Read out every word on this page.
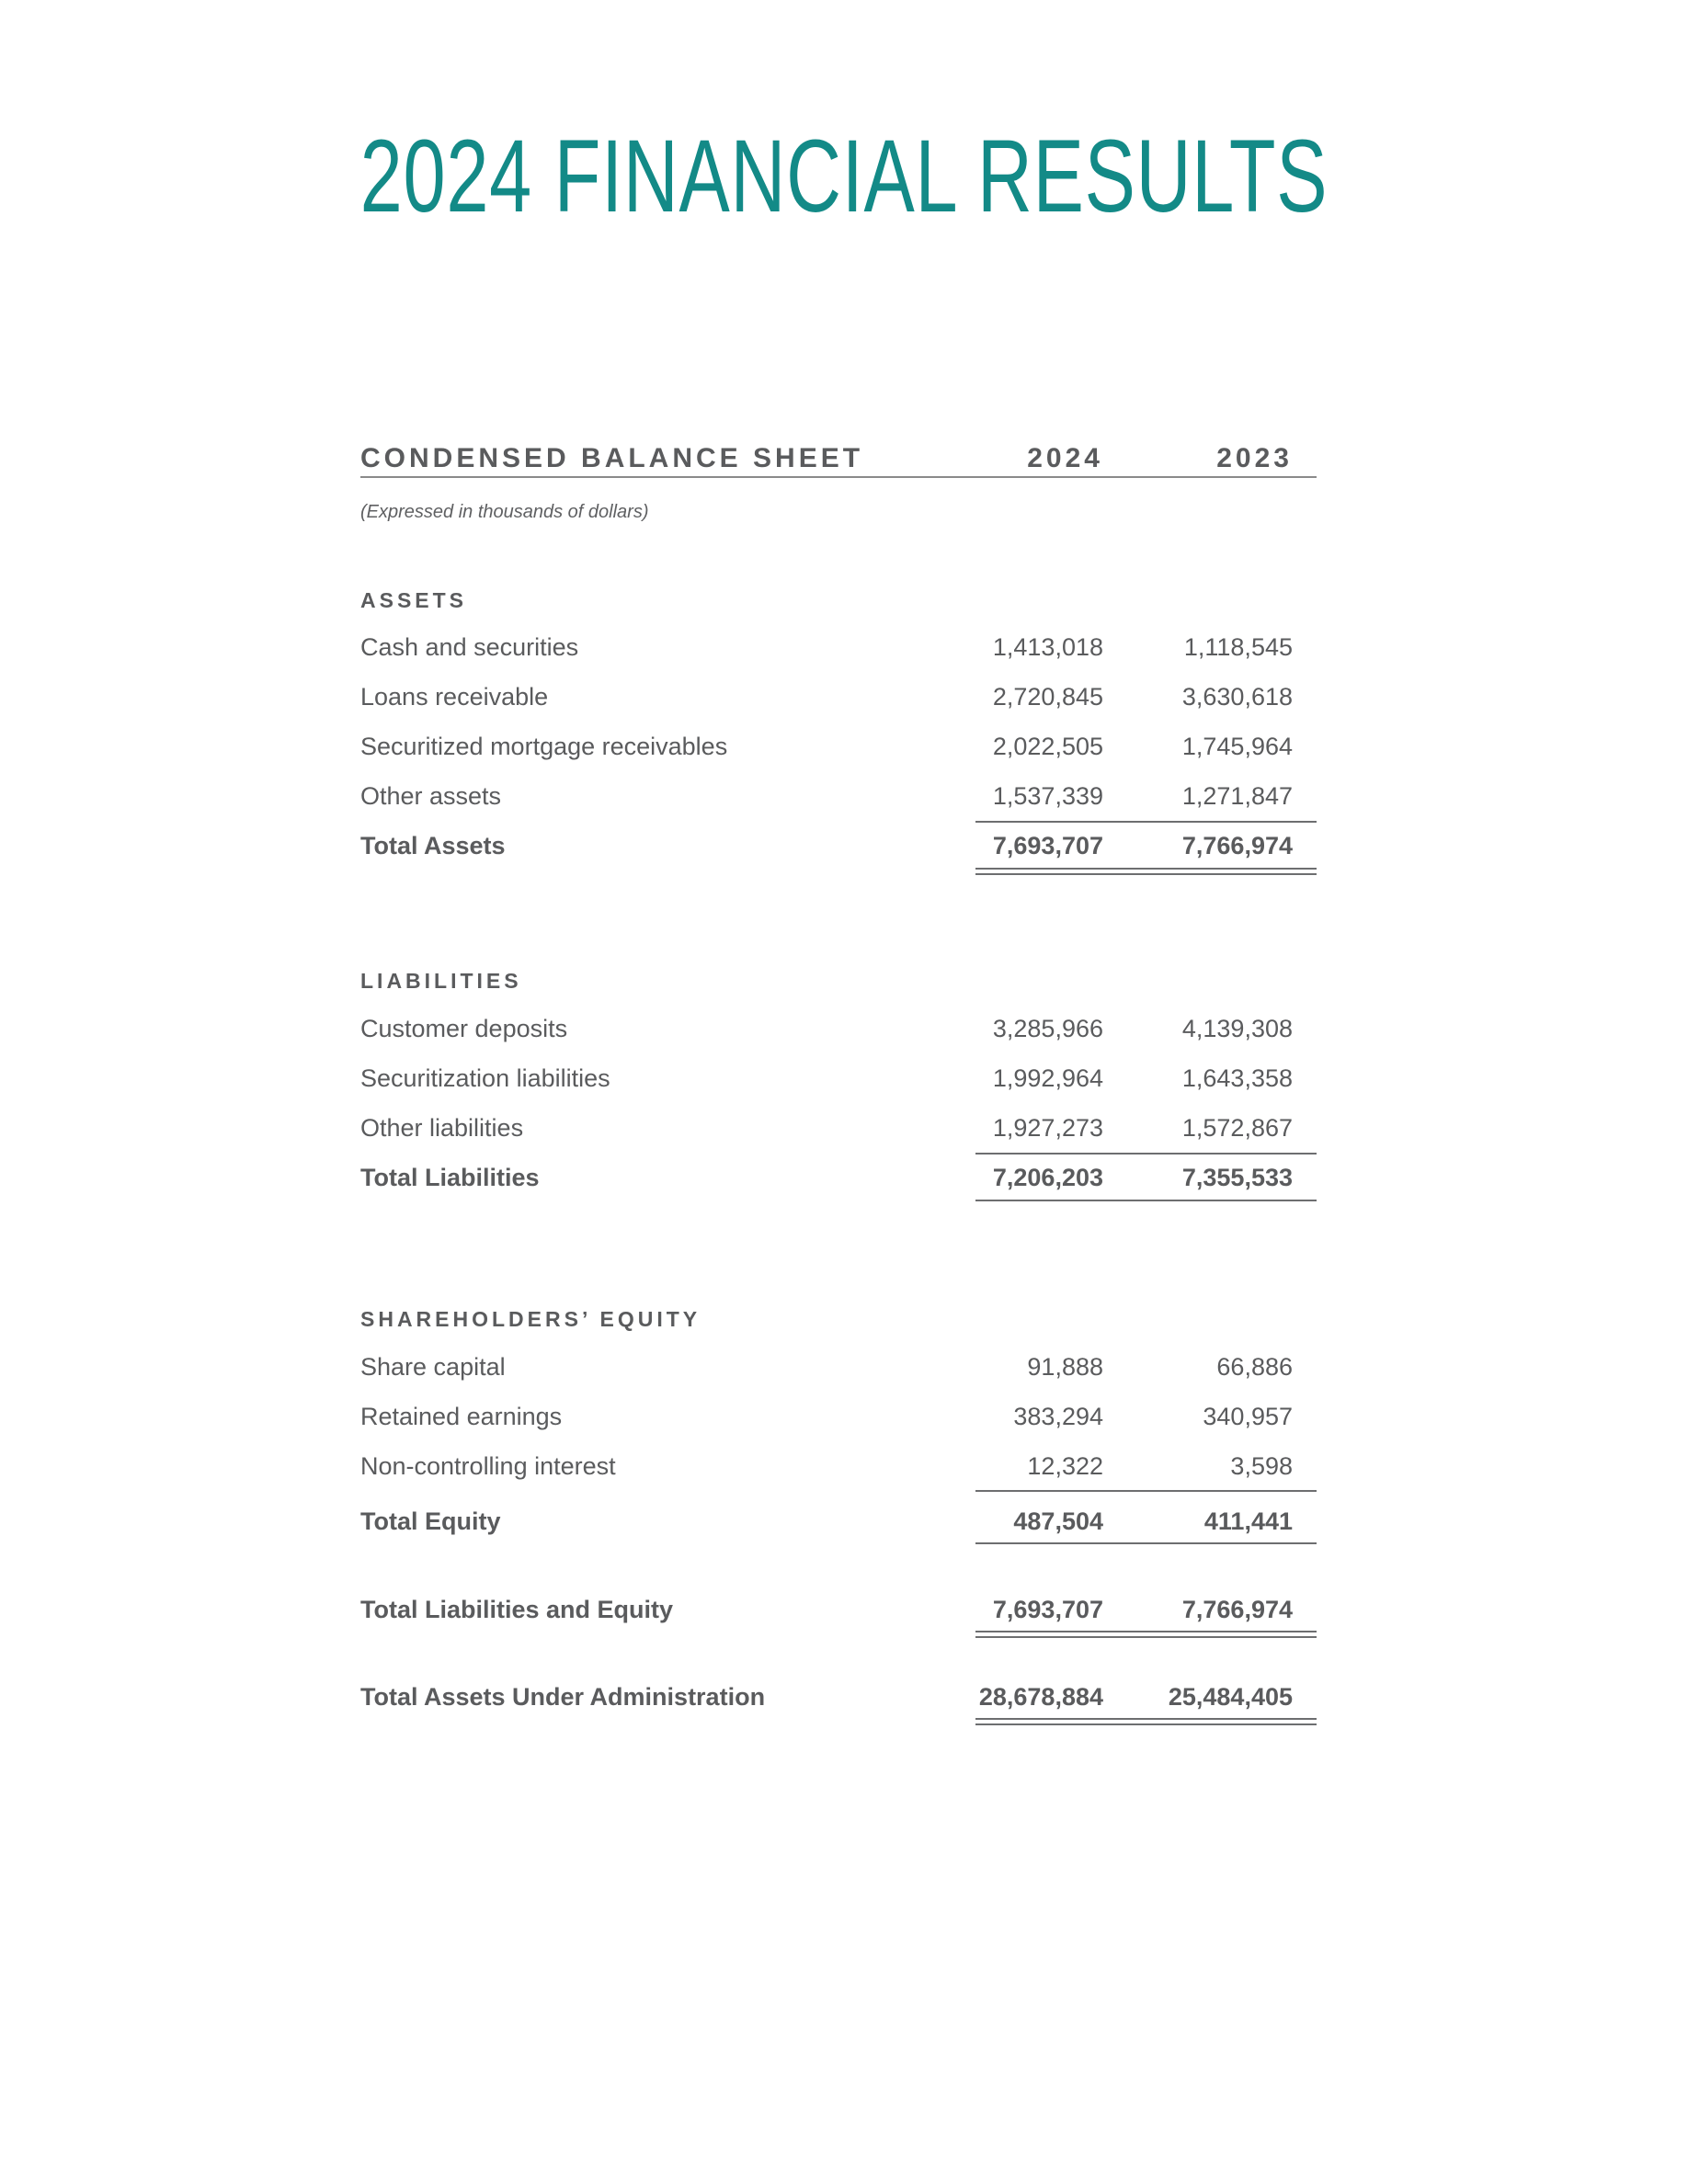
2024 FINANCIAL RESULTS
CONDENSED BALANCE SHEET	2024	2023
(Expressed in thousands of dollars)
ASSETS
Cash and securities	1,413,018	1,118,545
Loans receivable	2,720,845	3,630,618
Securitized mortgage receivables	2,022,505	1,745,964
Other assets	1,537,339	1,271,847
Total Assets	7,693,707	7,766,974
LIABILITIES
Customer deposits	3,285,966	4,139,308
Securitization liabilities	1,992,964	1,643,358
Other liabilities	1,927,273	1,572,867
Total Liabilities	7,206,203	7,355,533
SHAREHOLDERS’ EQUITY
Share capital	91,888	66,886
Retained earnings	383,294	340,957
Non-controlling interest	12,322	3,598
Total Equity	487,504	411,441
Total Liabilities and Equity	7,693,707	7,766,974
Total Assets Under Administration	28,678,884	25,484,405
